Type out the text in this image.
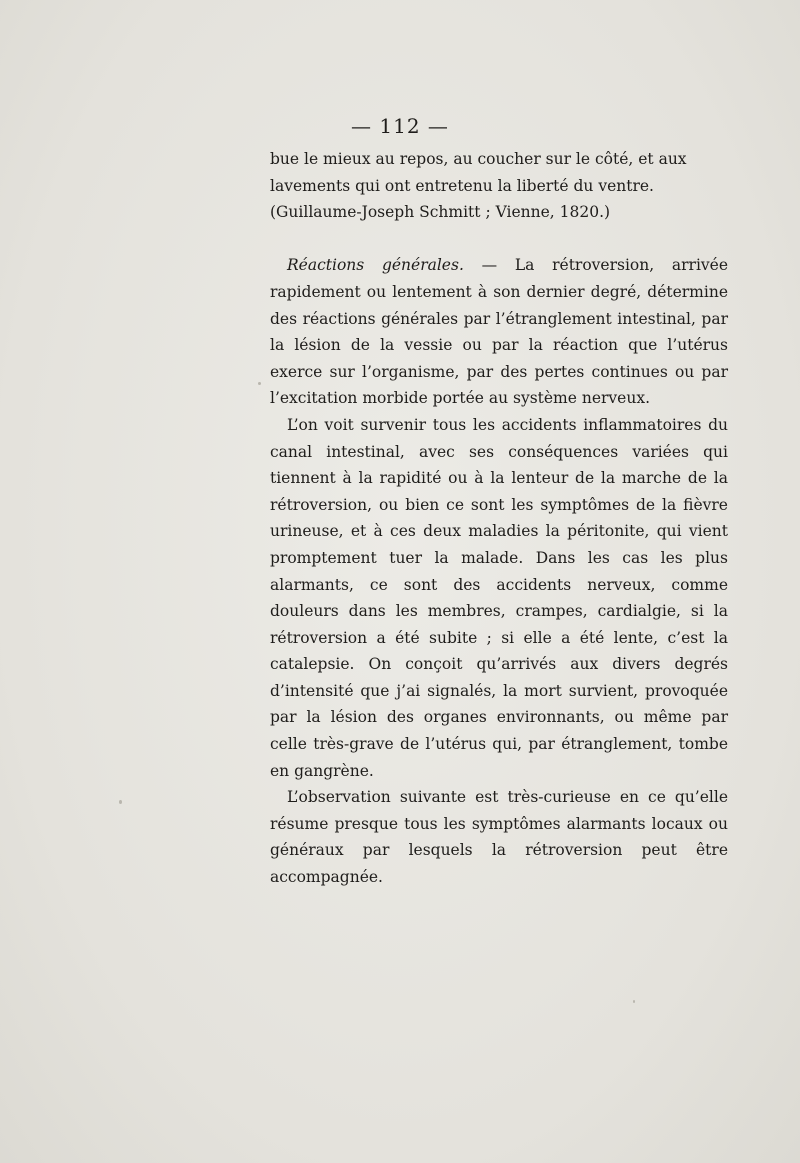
— 112 —

bue le mieux au repos, au coucher sur le côté, et aux lavements qui ont entretenu la liberté du ventre. (Guillaume-Joseph Schmitt ; Vienne, 1820.)

Réactions générales. — La rétroversion, arrivée rapidement ou lentement à son dernier degré, détermine des réactions générales par l’étranglement intestinal, par la lésion de la vessie ou par la réaction que l’utérus exerce sur l’organisme, par des pertes continues ou par l’excitation morbide portée au système nerveux.

L’on voit survenir tous les accidents inflammatoires du canal intestinal, avec ses conséquences variées qui tiennent à la rapidité ou à la lenteur de la marche de la rétroversion, ou bien ce sont les symptômes de la fièvre urineuse, et à ces deux maladies la péritonite, qui vient promptement tuer la malade. Dans les cas les plus alarmants, ce sont des accidents nerveux, comme douleurs dans les membres, crampes, cardialgie, si la rétroversion a été subite ; si elle a été lente, c’est la catalepsie. On conçoit qu’arrivés aux divers degrés d’intensité que j’ai signalés, la mort survient, provoquée par la lésion des organes environnants, ou même par celle très-grave de l’utérus qui, par étranglement, tombe en gangrène.

L’observation suivante est très-curieuse en ce qu’elle résume presque tous les symptômes alarmants locaux ou généraux par lesquels la rétroversion peut être accompagnée.
